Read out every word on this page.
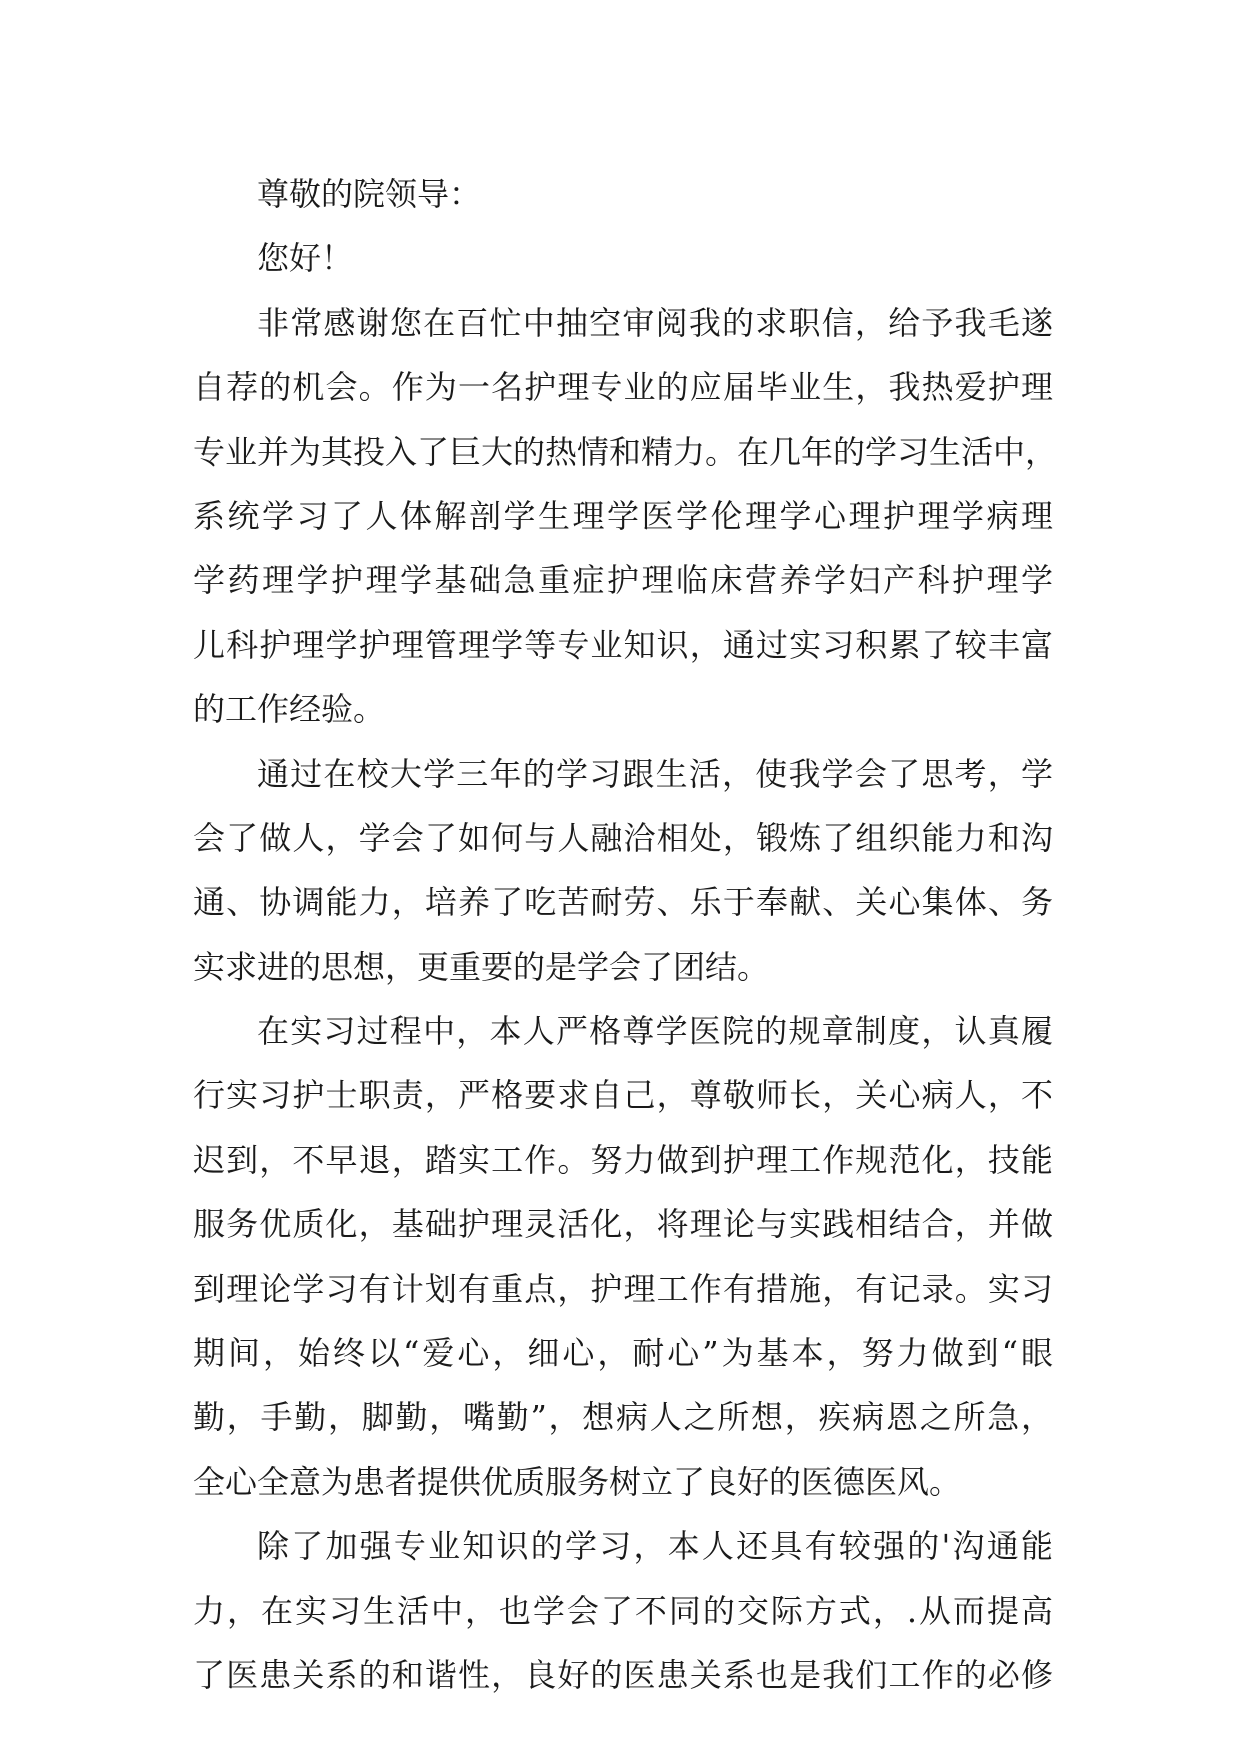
尊敬的院领导：
您好！
非常感谢您在百忙中抽空审阅我的求职信，给予我毛遂
自荐的机会。作为一名护理专业的应届毕业生，我热爱护理
专业并为其投入了巨大的热情和精力。在几年的学习生活中，
系统学习了人体解剖学生理学医学伦理学心理护理学病理
学药理学护理学基础急重症护理临床营养学妇产科护理学
儿科护理学护理管理学等专业知识，通过实习积累了较丰富
的工作经验。
通过在校大学三年的学习跟生活，使我学会了思考，学
会了做人，学会了如何与人融洽相处，锻炼了组织能力和沟
通、协调能力，培养了吃苦耐劳、乐于奉献、关心集体、务
实求进的思想，更重要的是学会了团结。
在实习过程中，本人严格尊学医院的规章制度，认真履
行实习护士职责，严格要求自己，尊敬师长，关心病人，不
迟到，不早退，踏实工作。努力做到护理工作规范化，技能
服务优质化，基础护理灵活化，将理论与实践相结合，并做
到理论学习有计划有重点，护理工作有措施，有记录。实习
期间，始终以“爱心，细心，耐心”为基本，努力做到“眼
勤，手勤，脚勤，嘴勤”，想病人之所想，疾病恩之所急，
全心全意为患者提供优质服务树立了良好的医德医风。
除了加强专业知识的学习，本人还具有较强的'沟通能
力，在实习生活中，也学会了不同的交际方式，.从而提高
了医患关系的和谐性，良好的医患关系也是我们工作的必修
